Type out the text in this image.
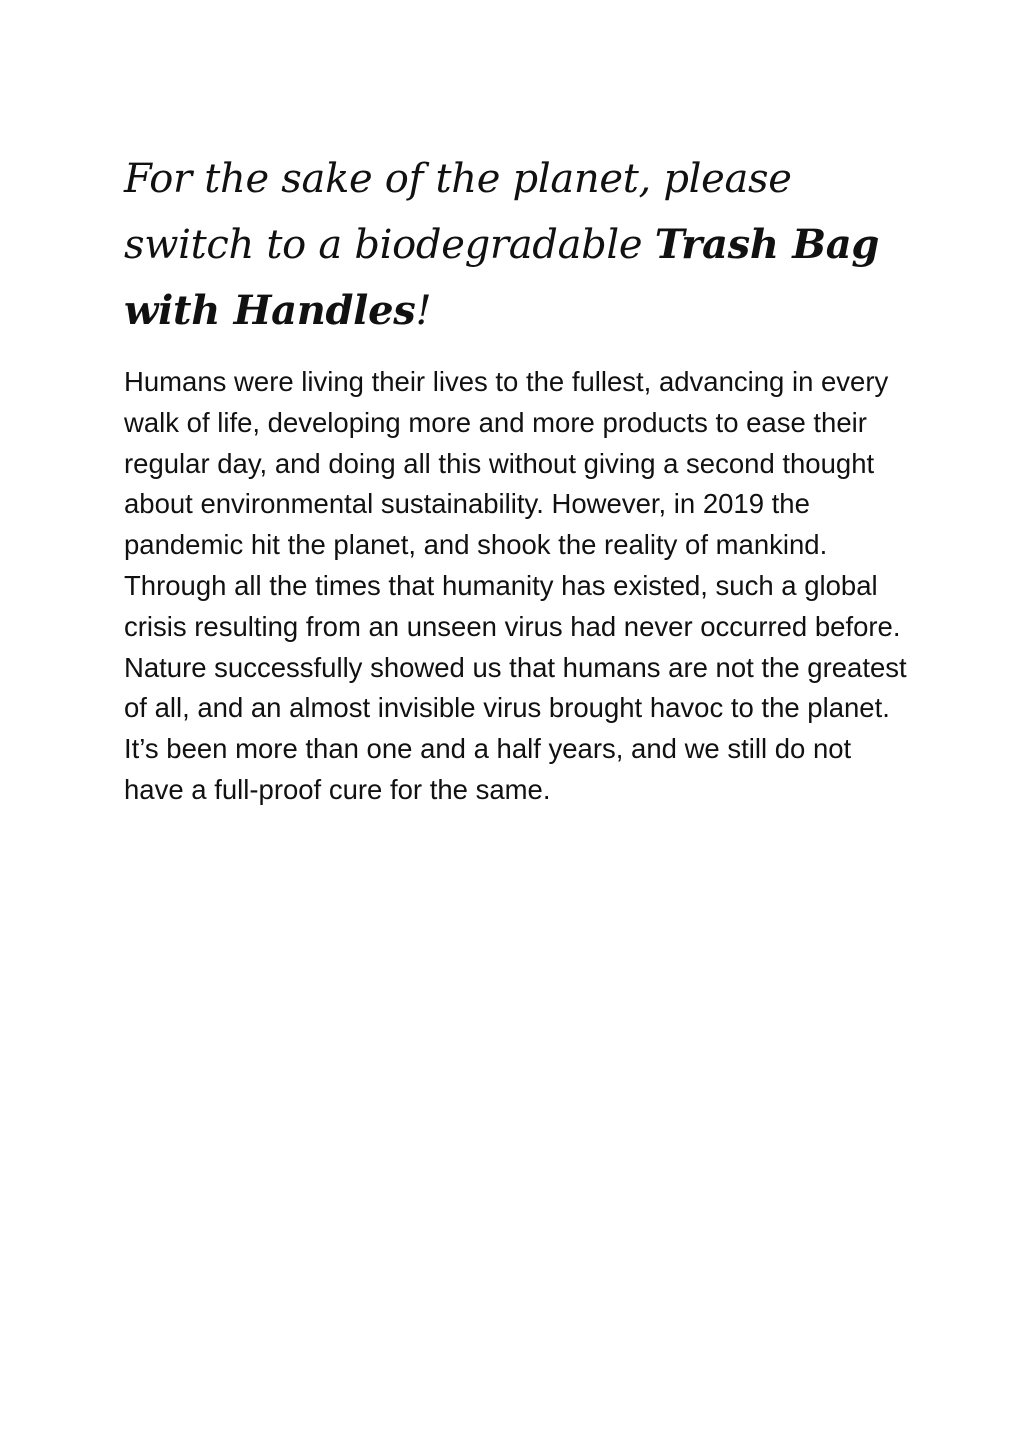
For the sake of the planet, please switch to a biodegradable Trash Bag with Handles!

Humans were living their lives to the fullest, advancing in every walk of life, developing more and more products to ease their regular day, and doing all this without giving a second thought about environmental sustainability. However, in 2019 the pandemic hit the planet, and shook the reality of mankind. Through all the times that humanity has existed, such a global crisis resulting from an unseen virus had never occurred before. Nature successfully showed us that humans are not the greatest of all, and an almost invisible virus brought havoc to the planet. It’s been more than one and a half years, and we still do not have a full-proof cure for the same.
